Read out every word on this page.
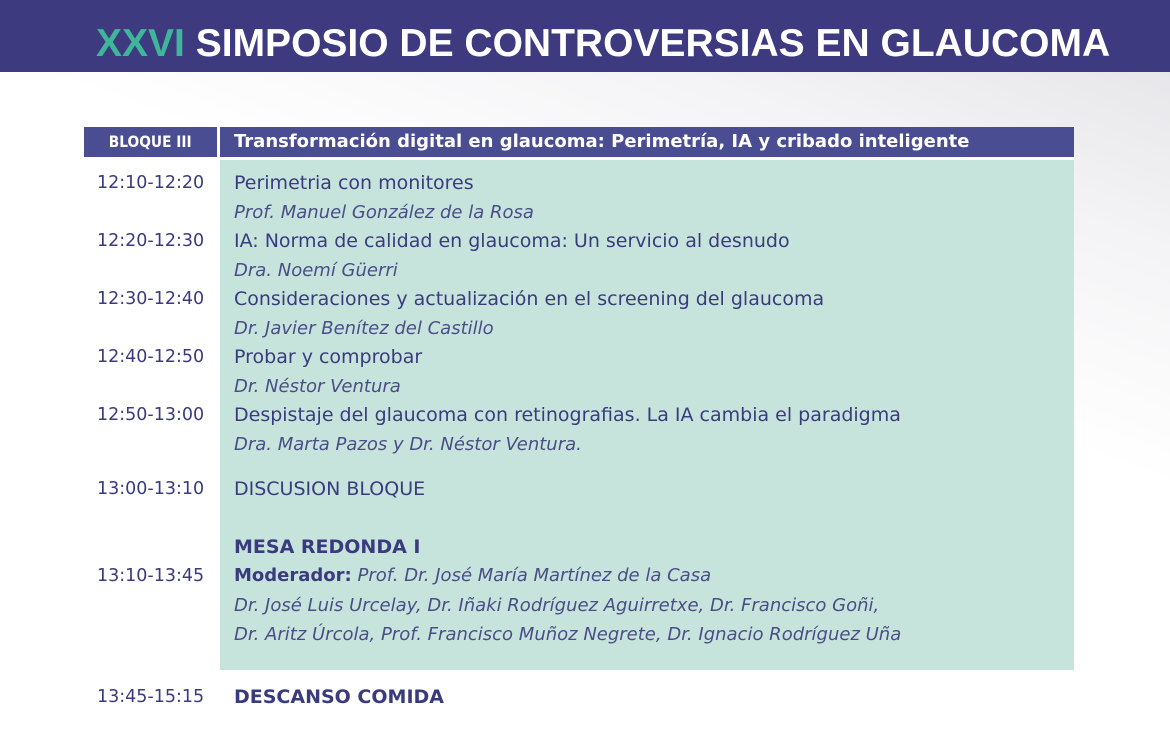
XXVI SIMPOSIO DE CONTROVERSIAS EN GLAUCOMA
BLOQUE III	Transformación digital en glaucoma: Perimetría, IA y cribado inteligente
12:10-12:20 Perimetria con monitores
Prof. Manuel González de la Rosa
12:20-12:30 IA: Norma de calidad en glaucoma: Un servicio al desnudo
Dra. Noemí Güerri
12:30-12:40 Consideraciones y actualización en el screening del glaucoma
Dr. Javier Benítez del Castillo
12:40-12:50 Probar y comprobar
Dr. Néstor Ventura
12:50-13:00 Despistaje del glaucoma con retinografias. La IA cambia el paradigma
Dra. Marta Pazos y Dr. Néstor Ventura.
13:00-13:10 DISCUSION BLOQUE
MESA REDONDA I
13:10-13:45 Moderador: Prof. Dr. José María Martínez de la Casa
Dr. José Luis Urcelay, Dr. Iñaki Rodríguez Aguirretxe, Dr. Francisco Goñi,
Dr. Aritz Úrcola, Prof. Francisco Muñoz Negrete, Dr. Ignacio Rodríguez Uña
13:45-15:15 DESCANSO COMIDA
